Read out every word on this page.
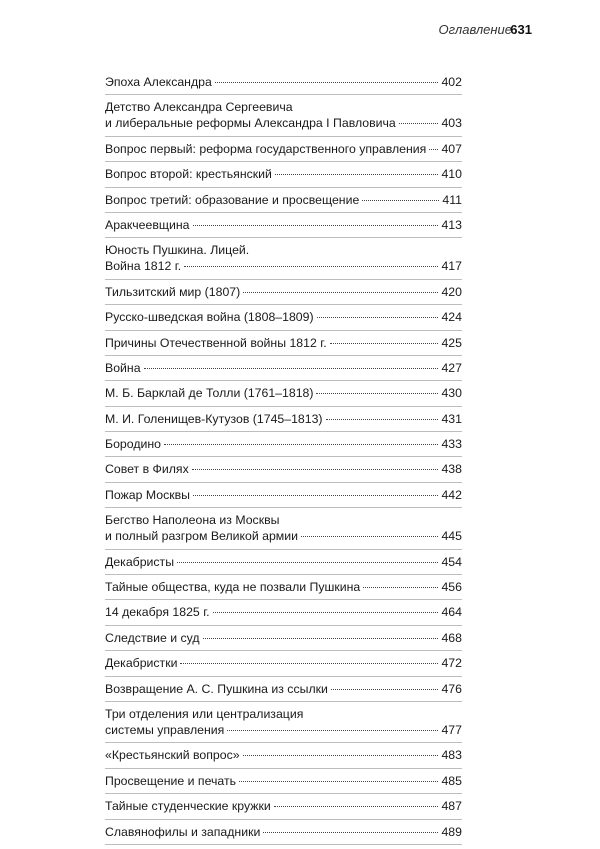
Оглавление
631
Эпоха Александра	402
Детство Александра Сергеевича
и либеральные реформы Александра I Павловича	403
Вопрос первый: реформа государственного управления 407
Вопрос второй: крестьянский	410
Вопрос третий: образование и просвещение	411
Аракчеевщина	413
Юность Пушкина. Лицей.
Война 1812 г.	417
Тильзитский мир (1807)	420
Русско-шведская война (1808–1809)	424
Причины Отечественной войны 1812 г.	425
Война	427
М. Б. Барклай де Толли (1761–1818)	430
М. И. Голенищев-Кутузов (1745–1813)	431
Бородино	433
Совет в Филях	438
Пожар Москвы	442
Бегство Наполеона из Москвы
и полный разгром Великой армии	445
Декабристы	454
Тайные общества, куда не позвали Пушкина	456
14 декабря 1825 г.	464
Следствие и суд	468
Декабристки	472
Возвращение А. С. Пушкина из ссылки	476
Три отделения или централизация
системы управления	477
«Крестьянский вопрос»	483
Просвещение и печать	485
Тайные студенческие кружки	487
Славянофилы и западники	489
